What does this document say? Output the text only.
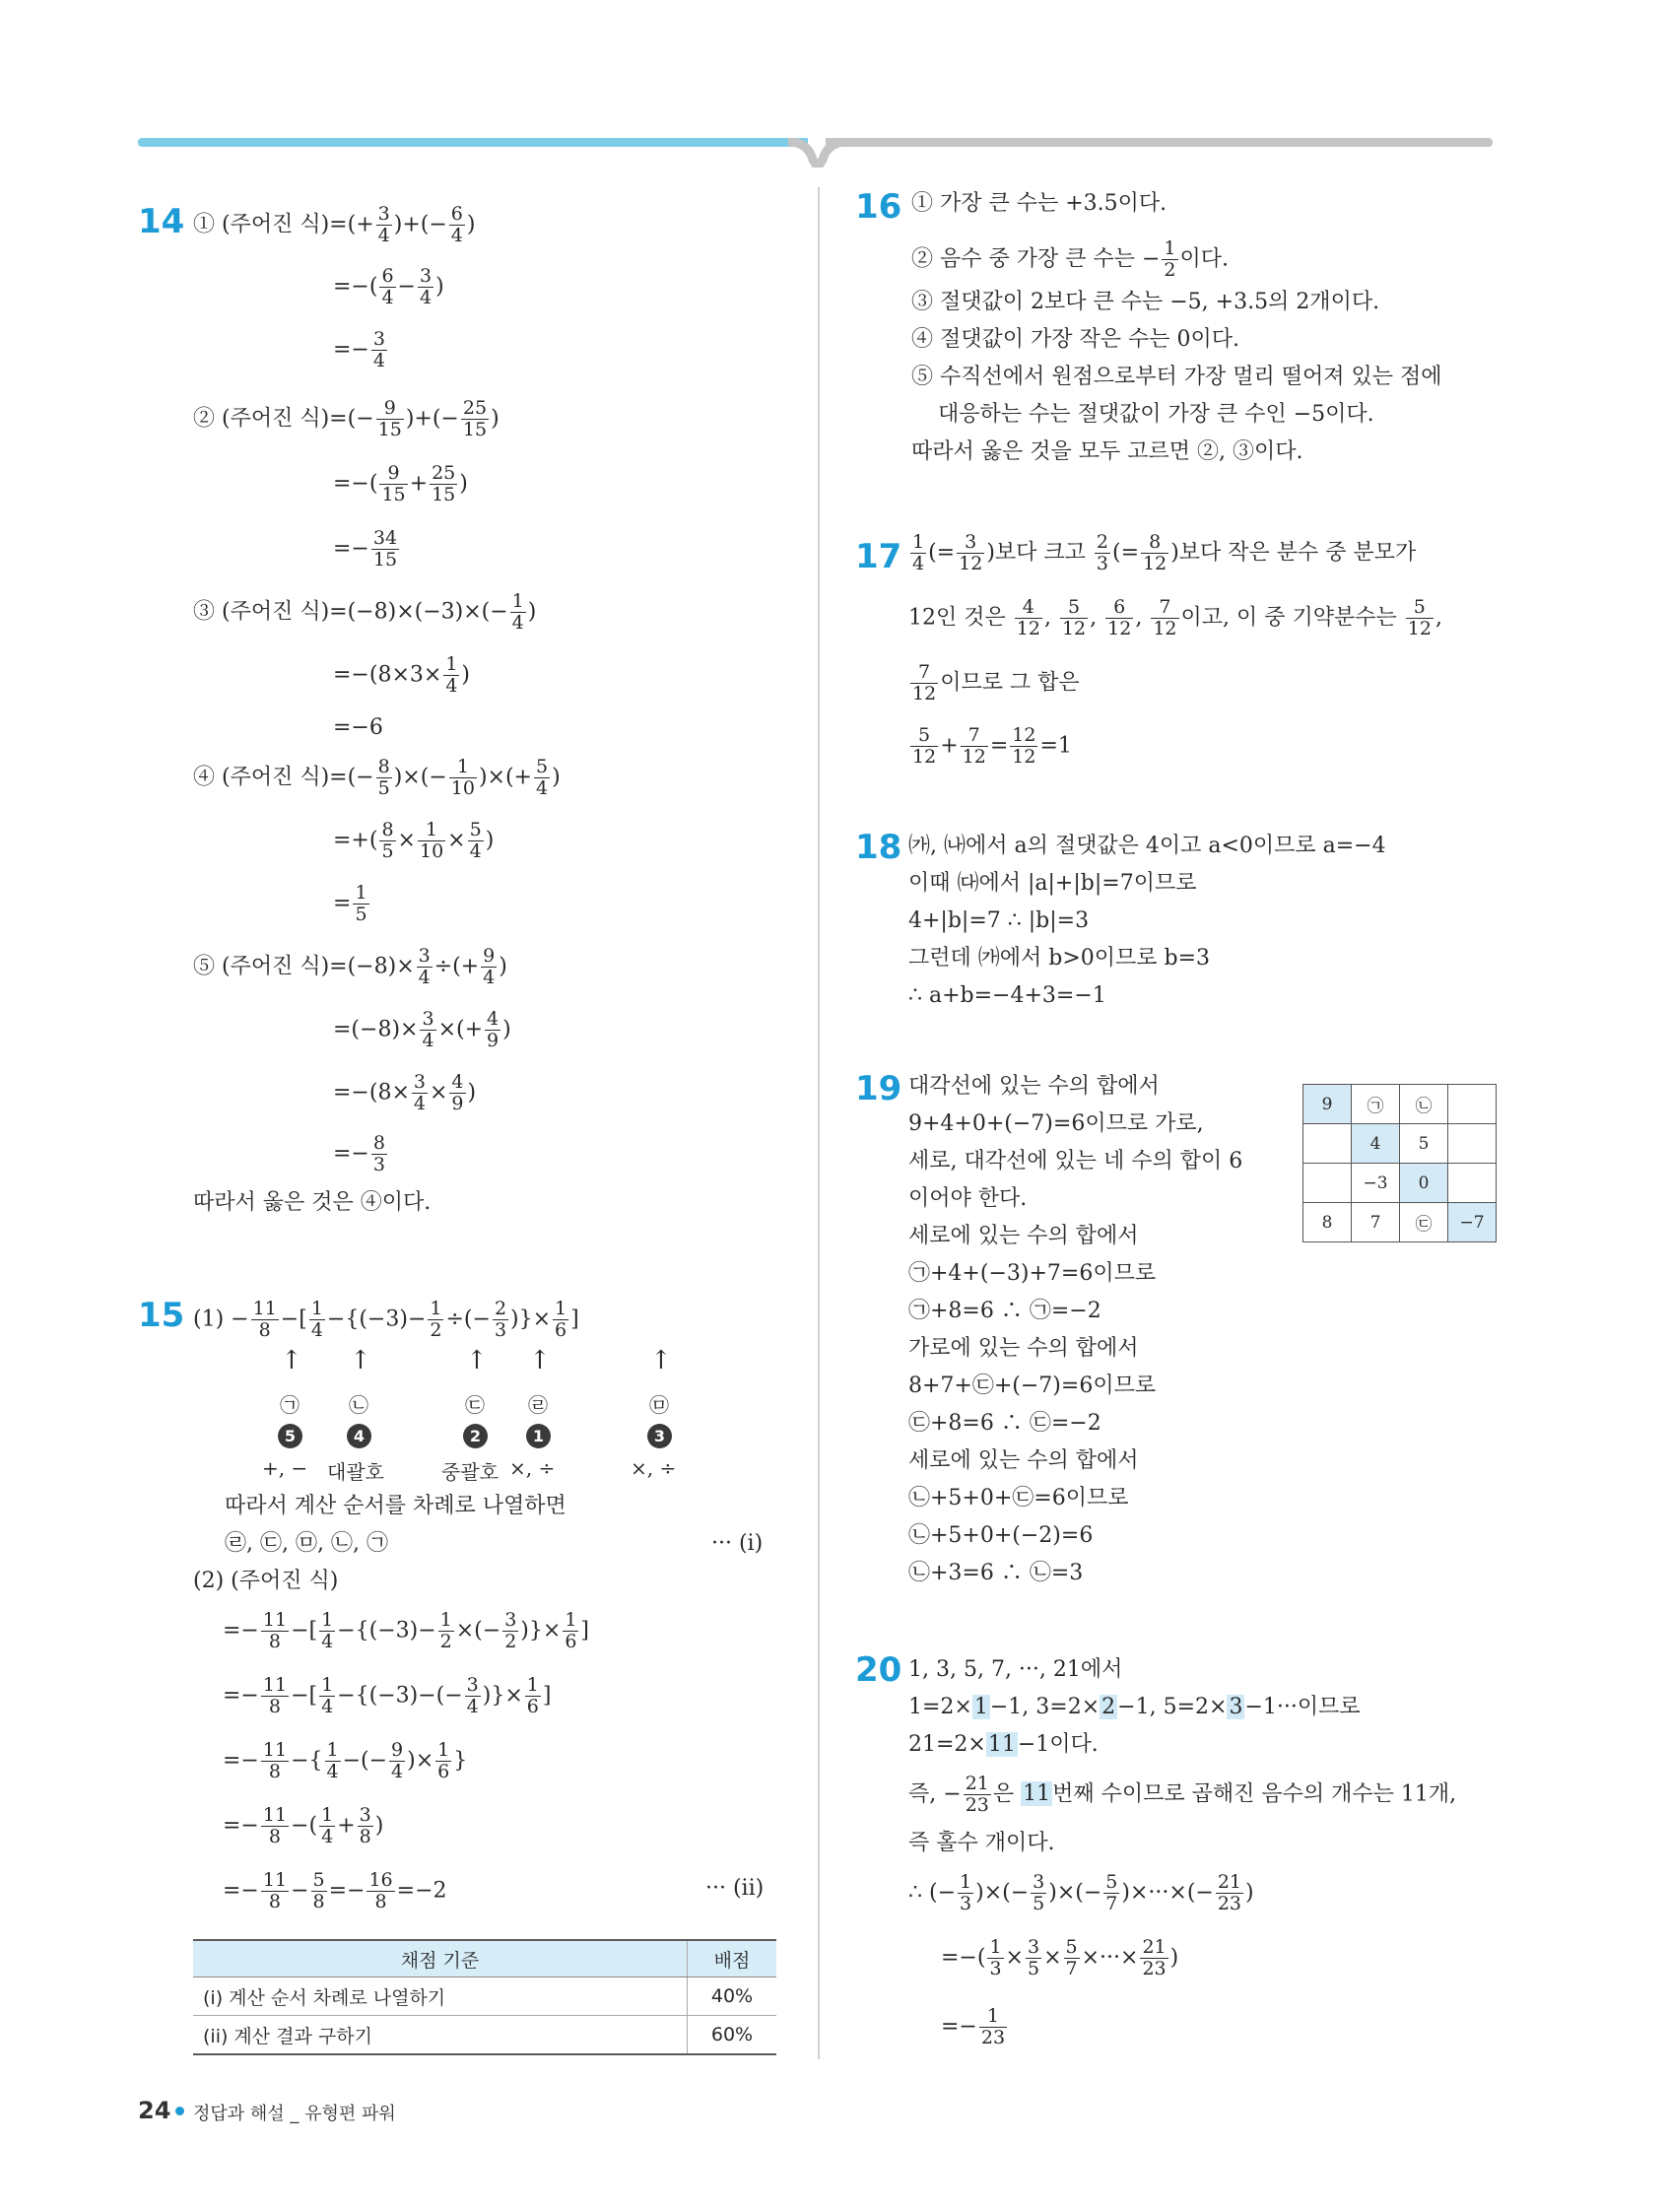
14 ① (주어진 식)=(+ $\frac{3}{4}$ )+(− $\frac{6}{4}$ )
=−( $\frac{6}{4} - \frac{3}{4}$ )
=− $\frac{3}{4}$
② (주어진 식)=(− $\frac{9}{15}$ )+(− $\frac{25}{15}$ )
=−( $\frac{9}{15} + \frac{25}{15}$ )
=− $\frac{34}{15}$
③ (주어진 식)$=(-8)\times(-3)\times(- \frac{1}{4}$ )
$=-(8\times 3\times \frac{1}{4}$ )
=−6
④ (주어진 식)=(− $\frac{8}{5}$ )×(− $\frac{1}{10}$ )×(+ $\frac{5}{4}$ )
=+( $\frac{8}{5} \times \frac{1}{10} \times \frac{5}{4}$ )
= $\frac{1}{5}$
⑤ (주어진 식)$=(-8)\times \frac{3}{4}$ ÷(+ $\frac{9}{4}$ )
$=(-8)\times \frac{3}{4}$ ×(+ $\frac{4}{9}$ )
$=-(8\times \frac{3}{4} \times \frac{4}{9}$ )
=− $\frac{8}{3}$
따라서 옳은 것은 ④이다.
15 $(1) - \frac{11}{8}$ −[ $\frac{1}{4} -\{(-3)- \frac{1}{2}$ ÷(− $\frac{2}{3}$ )}× $\frac{1}{6}$ ]
↑ ↑	↑ ↑	↑
㉠	㉡	㉢ ㉣	㉤
5	4	2	1	3
+, − 대괄호	중괄호 ×, ÷	×, ÷
따라서 계산 순서를 차례로 나열하면
㉣, ㉢, ㉤, ㉡, ㉠	··· (i)
(2) (주어진 식)
=− $\frac{11}{8}$ −[ $\frac{1}{4} -\{(-3)- \frac{1}{2}$ ×(− $\frac{3}{2}$ )}× $\frac{1}{6}$ ]
=− $\frac{11}{8}$ −[ $\frac{1}{4} -\{(-3)-(- \frac{3}{4}$ )}× $\frac{1}{6}$ ]
=− $\frac{11}{8}$ −{ $\frac{1}{4}$ −(− $\frac{9}{4}$ )× $\frac{1}{6}$ }
=− $\frac{11}{8}$ −( $\frac{1}{4} + \frac{3}{8}$ )
=− $\frac{11}{8} - \frac{5}{8} =- \frac{16}{8} =-2$	··· (ii)
채점 기준	배점
(i) 계산 순서 차례로 나열하기	40%
(ii) 계산 결과 구하기	60%
16 ① 가장 큰 수는 +3.5이다.
② 음수 중 가장 큰 수는 − $\frac{1}{2}$ 이다.
③ 절댓값이 2보다 큰 수는 −5, +3.5의 2개이다.
④ 절댓값이 가장 작은 수는 0이다.
⑤ 수직선에서 원점으로부터 가장 멀리 떨어져 있는 점에
대응하는 수는 절댓값이 가장 큰 수인 −5이다.
따라서 옳은 것을 모두 고르면 ②, ③이다.
$17 \frac{1}{4}$ (= $\frac{3}{12}$ )보다 크고 $\frac{2}{3}$ (= $\frac{8}{12}$ )보다 작은 분수 중 분모가
12인 것은 $\frac{4}{12}$ , $\frac{5}{12}$ , $\frac{6}{12}$ , $\frac{7}{12}$ 이고, 이 중 기약분수는 $\frac{5}{12}$ ,
$\frac{7}{12}$ 이므로 그 합은
$\frac{5}{12} + \frac{7}{12} = \frac{12}{12} =1$
18 ㈎, ㈏에서 a의 절댓값은 4이고 a<0이므로 a=−4
이때 ㈐에서 |a|+|b|=7이므로
4+|b|=7 ∴ |b|=3
그런데 ㈎에서 b>0이므로 b=3
∴ a+b=−4+3=−1
19 대각선에 있는 수의 합에서
9+4+0+(−7)=6이므로 가로,
세로, 대각선에 있는 네 수의 합이 6
이어야 한다.
세로에 있는 수의 합에서
㉠+4+(−3)+7=6이므로
㉠+8=6 ∴ ㉠=−2
가로에 있는 수의 합에서
8+7+㉢+(−7)=6이므로
㉢+8=6 ∴ ㉢=−2
세로에 있는 수의 합에서
㉡+5+0+㉢=6이므로
㉡+5+0+(−2)=6
㉡+3=6 ∴ ㉡=3
9	㉠	㉡	
	4	5	
	−3	0	
8	7	㉢	−7
20 1, 3, 5, 7, ···, 21에서
1=2×1−1, 3=2×2−1, 5=2×3−1···이므로
21=2×11−1이다.
즉, − $\frac{21}{23}$ 은 11번째 수이므로 곱해진 음수의 개수는 11개,
즉 홀수 개이다.
∴ (− $\frac{1}{3}$ )×(− $\frac{3}{5}$ )×(− $\frac{5}{7}$ )×···×(− $\frac{21}{23}$ )
=−( $\frac{1}{3} \times \frac{3}{5} \times \frac{5}{7}$ ×···× $\frac{21}{23}$ )
=− $\frac{1}{23}$
24 정답과 해설 _ 유형편 파워
